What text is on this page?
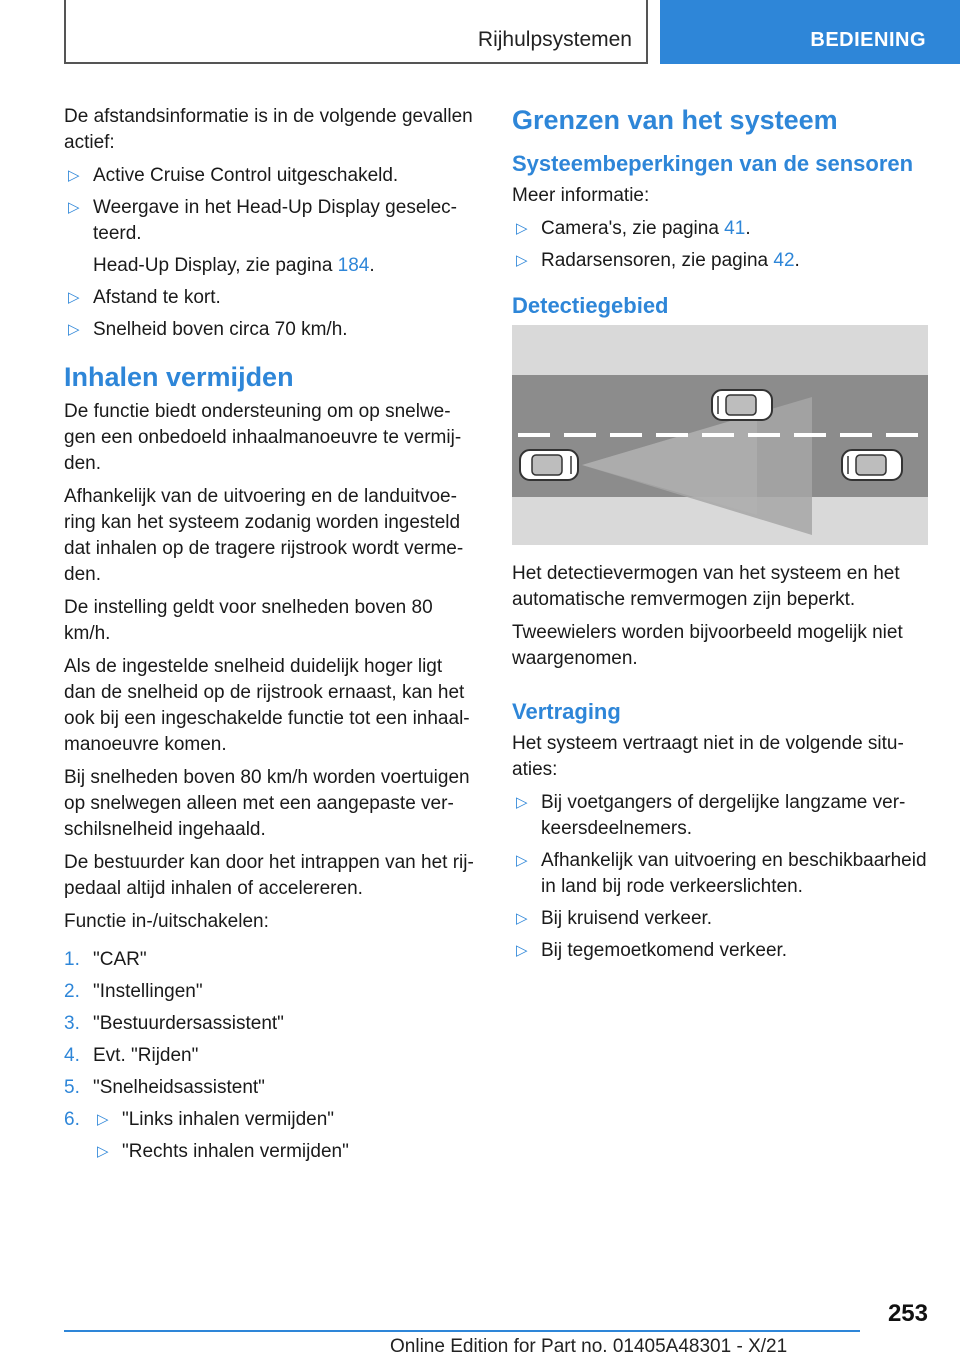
Rijhulpsystemen	BEDIENING

De afstandsinformatie is in de volgende gevallen actief:

▷ Active Cruise Control uitgeschakeld.
▷ Weergave in het Head-Up Display geselec-teerd.
Head-Up Display, zie pagina 184.
▷ Afstand te kort.
▷ Snelheid boven circa 70 km/h.
Inhalen vermijden

De functie biedt ondersteuning om op snelwe-gen een onbedoeld inhaalmanoeuvre te vermij-den.

Afhankelijk van de uitvoering en de landuitvoe-ring kan het systeem zodanig worden ingesteld dat inhalen op de tragere rijstrook wordt verme-den.

De instelling geldt voor snelheden boven 80 km/h.

Als de ingestelde snelheid duidelijk hoger ligt dan de snelheid op de rijstrook ernaast, kan het ook bij een ingeschakelde functie tot een inhaal-manoeuvre komen.

Bij snelheden boven 80 km/h worden voertuigen op snelwegen alleen met een aangepaste ver-schilsnelheid ingehaald.

De bestuurder kan door het intrappen van het rij-pedaal altijd inhalen of accelereren.

Functie in-/uitschakelen:

1. "CAR"
2. "Instellingen"
3. "Bestuurdersassistent"
4. Evt. "Rijden"
5. "Snelheidsassistent"
6. ▷ "Links inhalen vermijden"
▷ "Rechts inhalen vermijden"
Grenzen van het systeem
Systeembeperkingen van de sensoren

Meer informatie:

▷ Camera's, zie pagina 41.
▷ Radarsensoren, zie pagina 42.
Detectiegebied

Het detectievermogen van het systeem en het automatische remvermogen zijn beperkt.

Tweewielers worden bijvoorbeeld mogelijk niet waargenomen.

Vertraging

Het systeem vertraagt niet in de volgende situ-aties:

▷ Bij voetgangers of dergelijke langzame ver-keersdeelnemers.
▷ Afhankelijk van uitvoering en beschikbaarheid in land bij rode verkeerslichten.
▷ Bij kruisend verkeer.
▷ Bij tegemoetkomend verkeer.
253
Online Edition for Part no. 01405A48301 - X/21
